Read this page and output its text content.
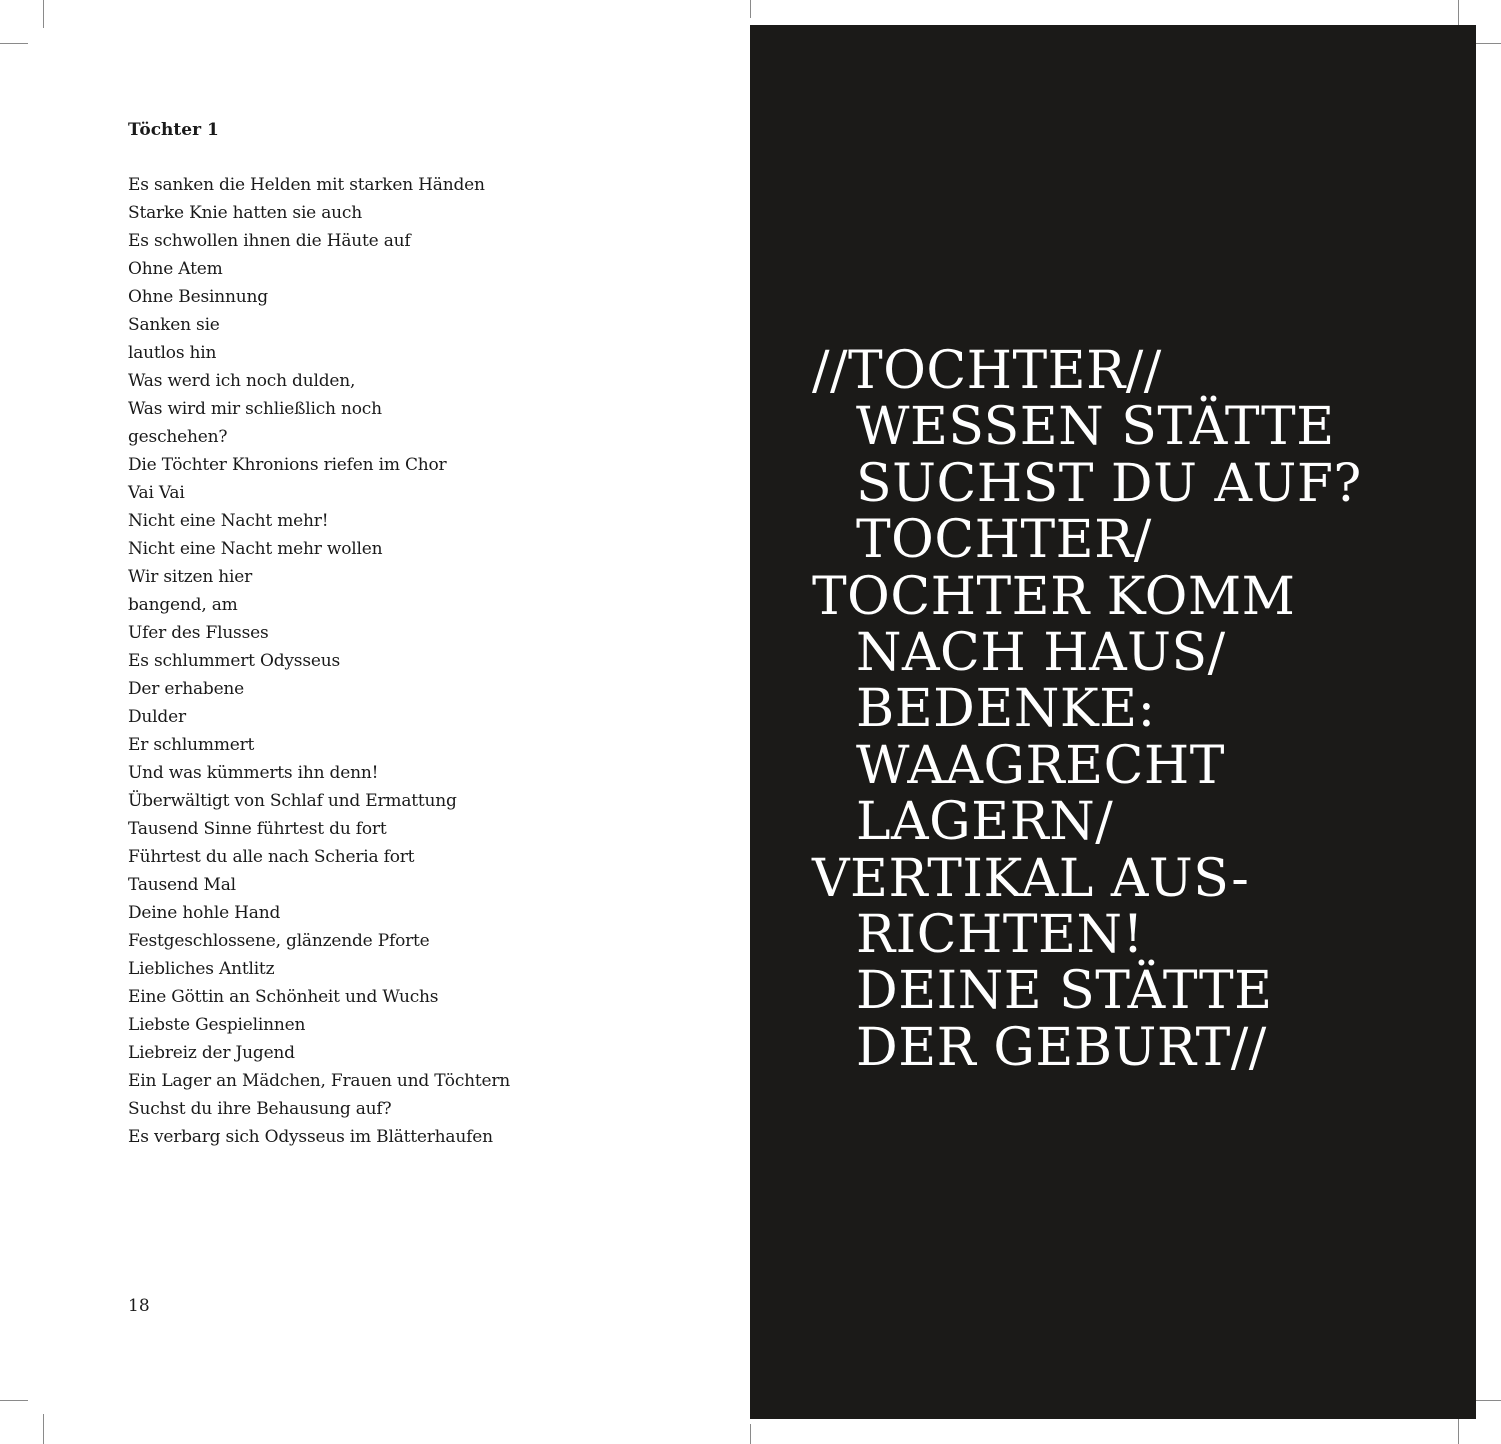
Töchter 1
Es sanken die Helden mit starken Händen
Starke Knie hatten sie auch
Es schwollen ihnen die Häute auf
Ohne Atem
Ohne Besinnung
Sanken sie
lautlos hin
Was werd ich noch dulden,
Was wird mir schließlich noch
geschehen?
Die Töchter Khronions riefen im Chor
Vai Vai
Nicht eine Nacht mehr!
Nicht eine Nacht mehr wollen
Wir sitzen hier
bangend, am
Ufer des Flusses
Es schlummert Odysseus
Der erhabene
Dulder
Er schlummert
Und was kümmerts ihn denn!
Überwältigt von Schlaf und Ermattung
Tausend Sinne führtest du fort
Führtest du alle nach Scheria fort
Tausend Mal
Deine hohle Hand
Festgeschlossene, glänzende Pforte
Liebliches Antlitz
Eine Göttin an Schönheit und Wuchs
Liebste Gespielinnen
Liebreiz der Jugend
Ein Lager an Mädchen, Frauen und Töchtern
Suchst du ihre Behausung auf?
Es verbarg sich Odysseus im Blätterhaufen
18
//TOCHTER//
WESSEN STÄTTE
SUCHST DU AUF?
TOCHTER/
TOCHTER KOMM
NACH HAUS/
BEDENKE:
WAAGRECHT
LAGERN/
VERTIKAL AUS-
RICHTEN!
DEINE STÄTTE
DER GEBURT//
